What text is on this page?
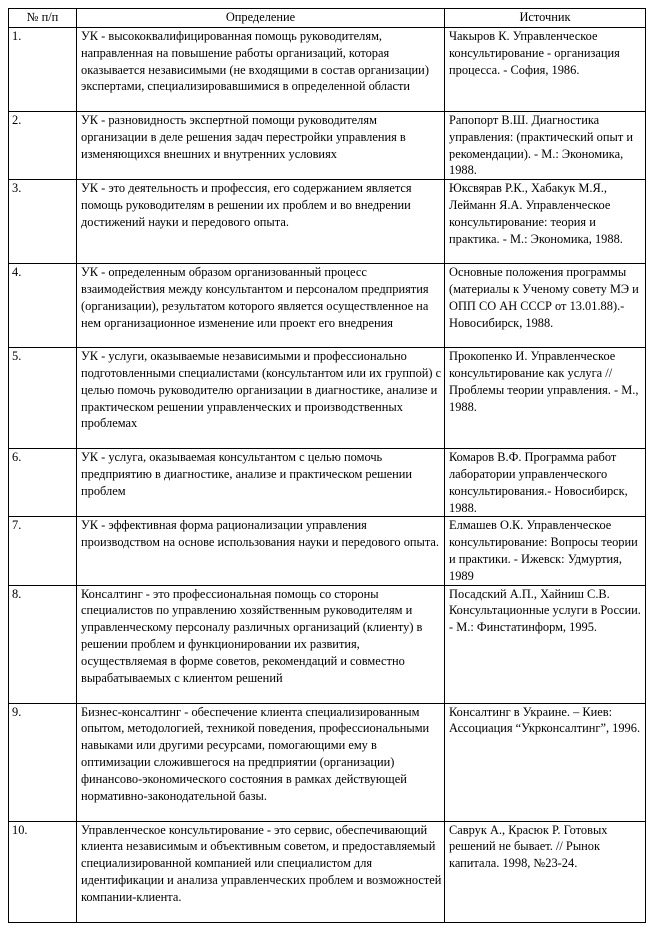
№ п/п	Определение	Источник
1.	УК - высококвалифицированная помощь руководителям, направленная на повышение работы организаций, которая оказывается независимыми (не входящими в состав организации) экспертами, специализировавшимися в определенной области	Чакыров К. Управленческое консультирование - организация процесса. - София, 1986.
2.	УК - разновидность экспертной помощи руководителям организации в деле решения задач перестройки управления в изменяющихся внешних и внутренних условиях	Рапопорт В.Ш. Диагностика управления: (практический опыт и рекомендации). - М.: Экономика, 1988.
3.	УК - это деятельность и профессия, его содержанием является помощь руководителям в решении их проблем и во внедрении достижений науки и передового опыта.	Юксвярав Р.К., Хабакук М.Я., Лейманн Я.А. Управленческое консультирование: теория и практика. - М.: Экономика, 1988.
4.	УК - определенным образом организованный процесс взаимодействия между консультантом и персоналом предприятия (организации), результатом которого является осуществленное на нем организационное изменение или проект его внедрения	Основные положения программы (материалы к Ученому совету МЭ и ОПП СО АН СССР от 13.01.88).- Новосибирск, 1988.
5.	УК - услуги, оказываемые независимыми и профессионально подготовленными специалистами (консультантом или их группой) с целью помочь руководителю организации в диагностике, анализе и практическом решении управленческих и производственных проблемах	Прокопенко И. Управленческое консультирование как услуга // Проблемы теории управления. - М., 1988.
6.	УК - услуга, оказываемая консультантом с целью помочь предприятию в диагностике, анализе и практическом решении проблем	Комаров В.Ф. Программа работ лаборатории управленческого консультирования.- Новосибирск, 1988.
7.	УК - эффективная форма рационализации управления производством на основе использования науки и передового опыта.	Елмашев О.К. Управленческое консультирование: Вопросы теории и практики. - Ижевск: Удмуртия, 1989
8.	Консалтинг - это профессиональная помощь со стороны специалистов по управлению хозяйственным руководителям и управленческому персоналу различных организаций (клиенту) в решении проблем и функционировании их развития, осуществляемая в форме советов, рекомендаций и совместно вырабатываемых с клиентом решений	Посадский А.П., Хайниш С.В. Консультационные услуги в России. - М.: Финстатинформ, 1995.
9.	Бизнес-консалтинг - обеспечение клиента специализированным опытом, методологией, техникой поведения, профессиональными навыками или другими ресурсами, помогающими ему в оптимизации сложившегося на предприятии (организации) финансово-экономического состояния в рамках действующей нормативно-законодательной базы.	Консалтинг в Украине. – Киев: Ассоциация “Укрконсалтинг”, 1996.
10.	Управленческое консультирование - это сервис, обеспечивающий клиента независимым и объективным советом, и предоставляемый специализированной компанией или специалистом для идентификации и анализа управленческих проблем и возможностей компании-клиента.	Саврук А., Красюк Р. Готовых решений не бывает. // Рынок капитала. 1998, №23-24.
